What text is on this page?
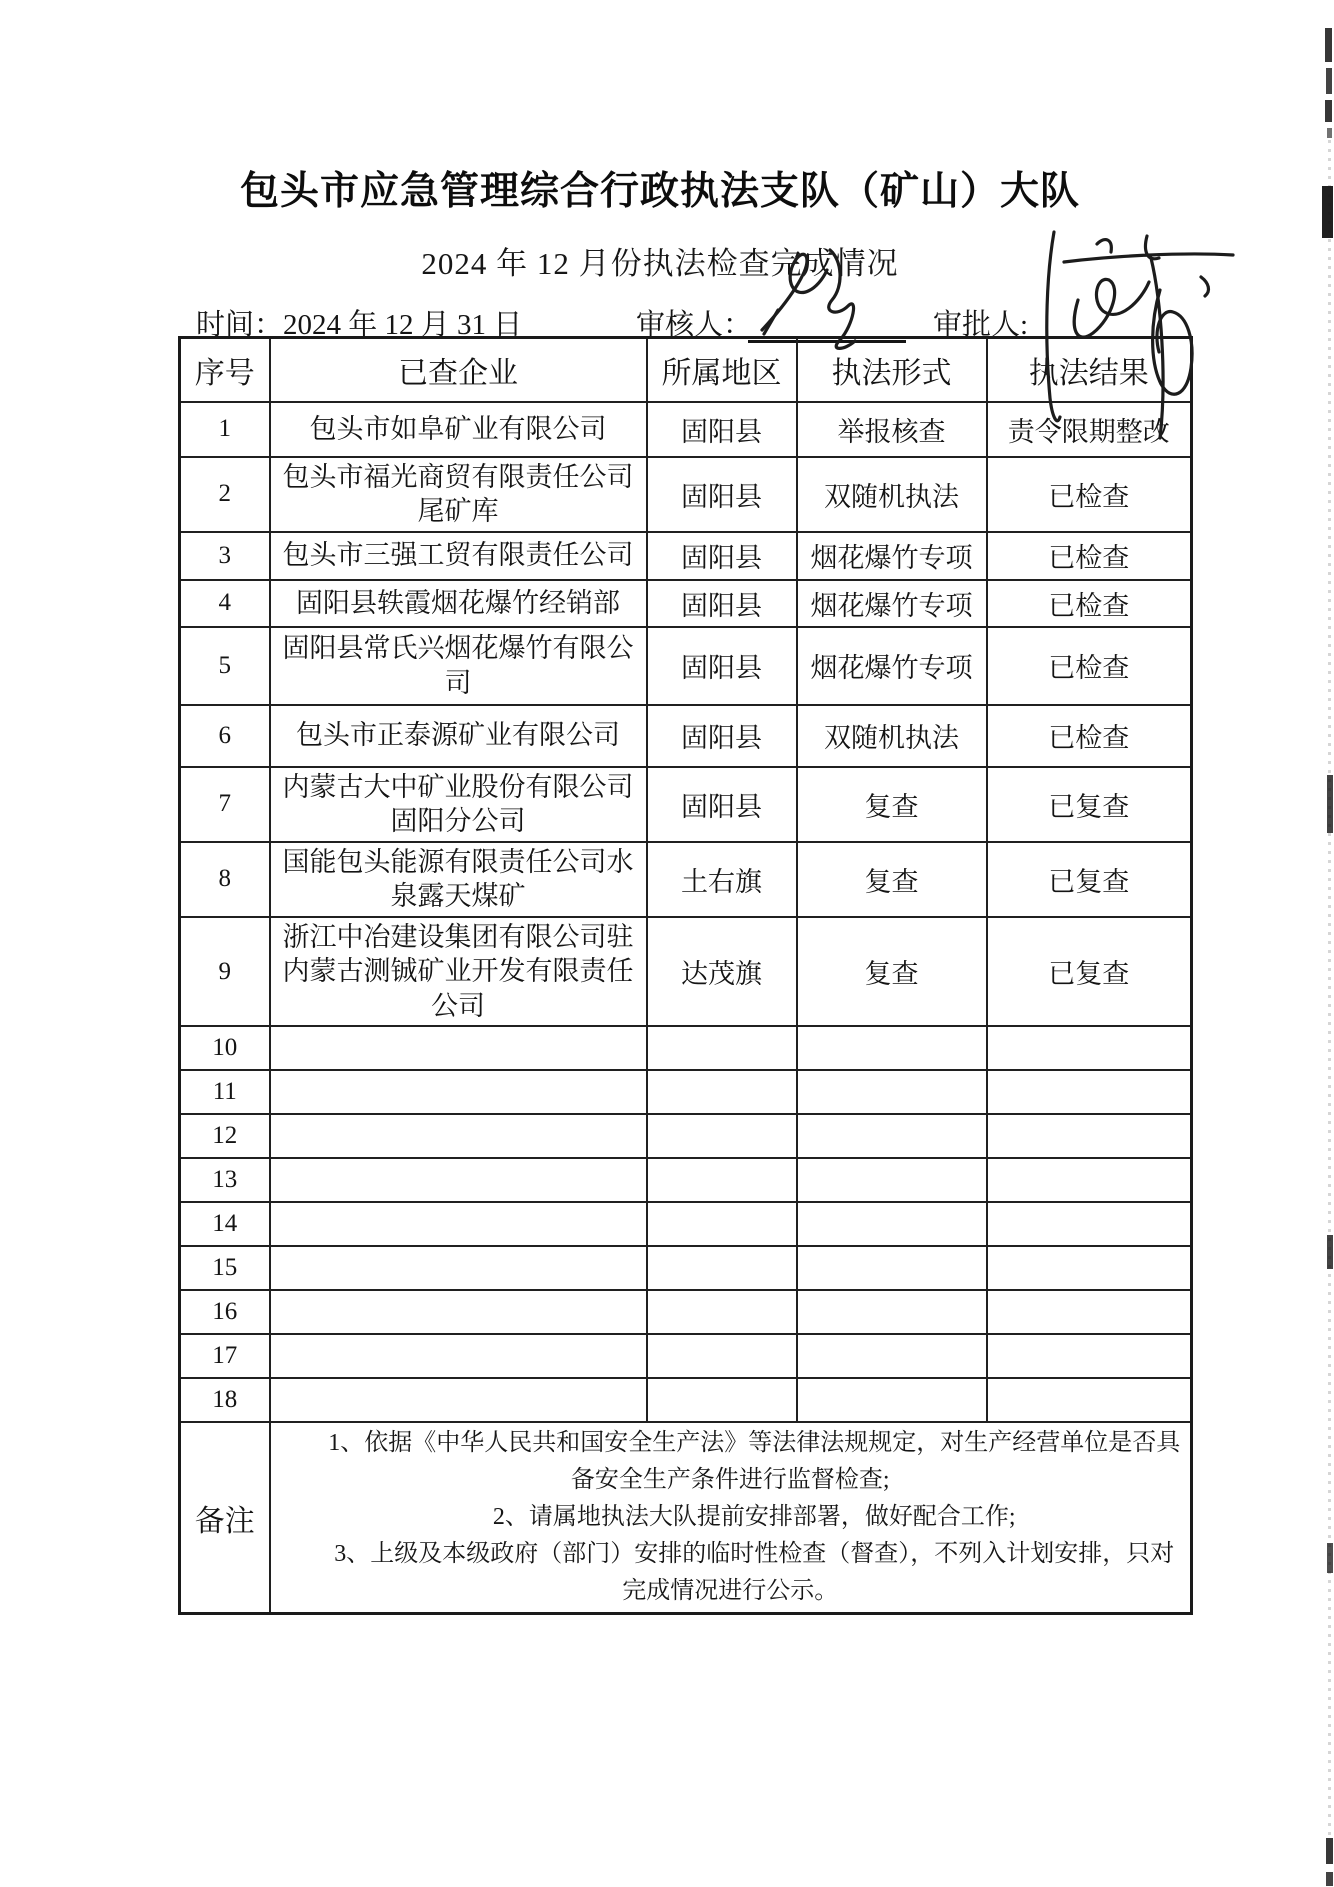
包头市应急管理综合行政执法支队（矿山）大队
2024 年 12 月份执法检查完成情况
时间：2024 年 12 月 31 日	审核人：	审批人:
序号	已查企业	所属地区	执法形式	执法结果
1	包头市如阜矿业有限公司	固阳县	举报核查	责令限期整改
2	包头市福光商贸有限责任公司尾矿库	固阳县	双随机执法	已检查
3	包头市三强工贸有限责任公司	固阳县	烟花爆竹专项	已检查
4	固阳县轶霞烟花爆竹经销部	固阳县	烟花爆竹专项	已检查
5	固阳县常氏兴烟花爆竹有限公司	固阳县	烟花爆竹专项	已检查
6	包头市正泰源矿业有限公司	固阳县	双随机执法	已检查
7	内蒙古大中矿业股份有限公司固阳分公司	固阳县	复查	已复查
8	国能包头能源有限责任公司水泉露天煤矿	土右旗	复查	已复查
9	浙江中冶建设集团有限公司驻内蒙古测铖矿业开发有限责任公司	达茂旗	复查	已复查
10				
11				
12				
13				
14				
15				
16				
17				
18				
备注	1、依据《中华人民共和国安全生产法》等法律法规规定，对生产经营单位是否具备安全生产条件进行监督检查;

2、请属地执法大队提前安排部署，做好配合工作;

3、上级及本级政府（部门）安排的临时性检查（督查），不列入计划安排，只对完成情况进行公示。			
